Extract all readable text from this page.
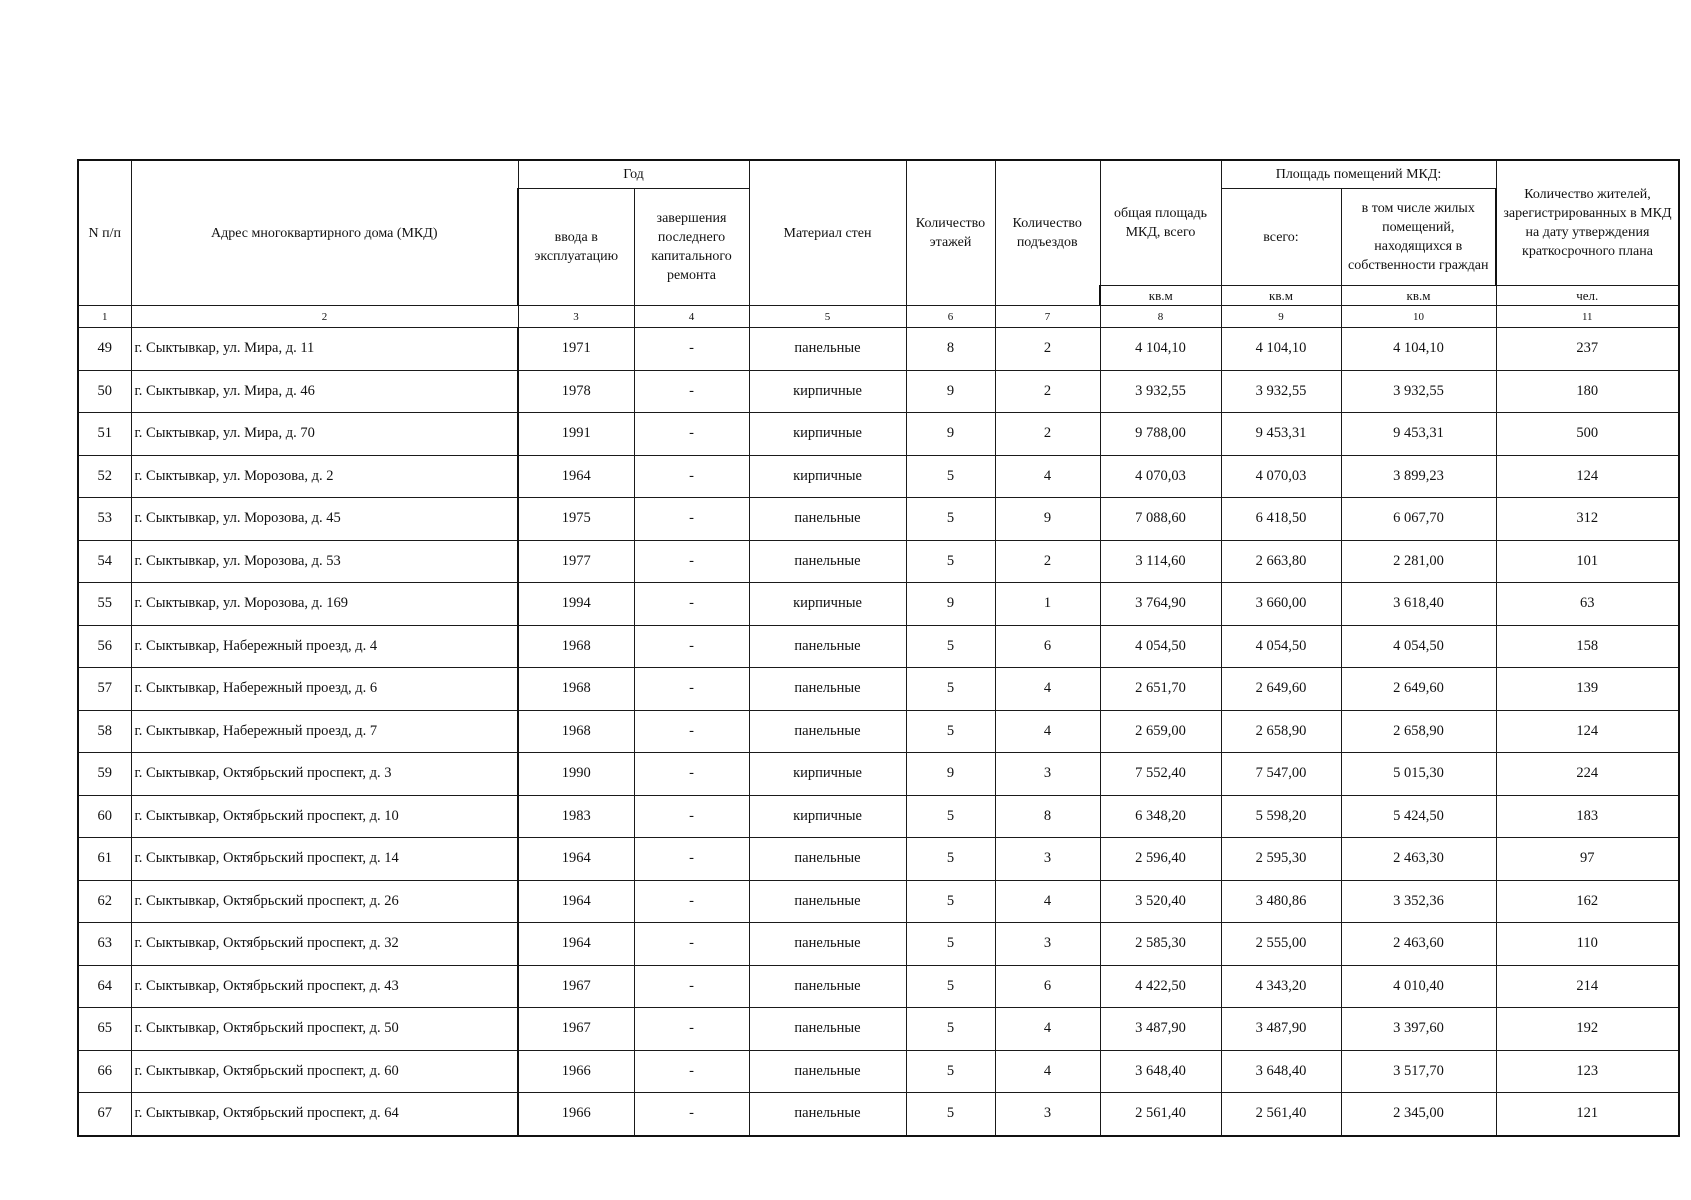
N п/п	Адрес многоквартирного дома (МКД)	Год		Материал стен	Количество этажей	Количество подъездов	общая площадь МКД, всего	Площадь помещений МКД:		Количество жителей, зарегистрированных в МКД на дату утверждения краткосрочного плана
		ввода в эксплуатацию	завершения последнего капитального ремонта					всего:	в том числе жилых помещений, находящихся в собственности граждан	
							кв.м	кв.м	кв.м	чел.
1	2	3	4	5	6	7	8	9	10	11
49	г. Сыктывкар, ул. Мира, д. 11	1971	-	панельные	8	2	4 104,10	4 104,10	4 104,10	237
50	г. Сыктывкар, ул. Мира, д. 46	1978	-	кирпичные	9	2	3 932,55	3 932,55	3 932,55	180
51	г. Сыктывкар, ул. Мира, д. 70	1991	-	кирпичные	9	2	9 788,00	9 453,31	9 453,31	500
52	г. Сыктывкар, ул. Морозова, д. 2	1964	-	кирпичные	5	4	4 070,03	4 070,03	3 899,23	124
53	г. Сыктывкар, ул. Морозова, д. 45	1975	-	панельные	5	9	7 088,60	6 418,50	6 067,70	312
54	г. Сыктывкар, ул. Морозова, д. 53	1977	-	панельные	5	2	3 114,60	2 663,80	2 281,00	101
55	г. Сыктывкар, ул. Морозова, д. 169	1994	-	кирпичные	9	1	3 764,90	3 660,00	3 618,40	63
56	г. Сыктывкар, Набережный проезд, д. 4	1968	-	панельные	5	6	4 054,50	4 054,50	4 054,50	158
57	г. Сыктывкар, Набережный проезд, д. 6	1968	-	панельные	5	4	2 651,70	2 649,60	2 649,60	139
58	г. Сыктывкар, Набережный проезд, д. 7	1968	-	панельные	5	4	2 659,00	2 658,90	2 658,90	124
59	г. Сыктывкар, Октябрьский проспект, д. 3	1990	-	кирпичные	9	3	7 552,40	7 547,00	5 015,30	224
60	г. Сыктывкар, Октябрьский проспект, д. 10	1983	-	кирпичные	5	8	6 348,20	5 598,20	5 424,50	183
61	г. Сыктывкар, Октябрьский проспект, д. 14	1964	-	панельные	5	3	2 596,40	2 595,30	2 463,30	97
62	г. Сыктывкар, Октябрьский проспект, д. 26	1964	-	панельные	5	4	3 520,40	3 480,86	3 352,36	162
63	г. Сыктывкар, Октябрьский проспект, д. 32	1964	-	панельные	5	3	2 585,30	2 555,00	2 463,60	110
64	г. Сыктывкар, Октябрьский проспект, д. 43	1967	-	панельные	5	6	4 422,50	4 343,20	4 010,40	214
65	г. Сыктывкар, Октябрьский проспект, д. 50	1967	-	панельные	5	4	3 487,90	3 487,90	3 397,60	192
66	г. Сыктывкар, Октябрьский проспект, д. 60	1966	-	панельные	5	4	3 648,40	3 648,40	3 517,70	123
67	г. Сыктывкар, Октябрьский проспект, д. 64	1966	-	панельные	5	3	2 561,40	2 561,40	2 345,00	121
